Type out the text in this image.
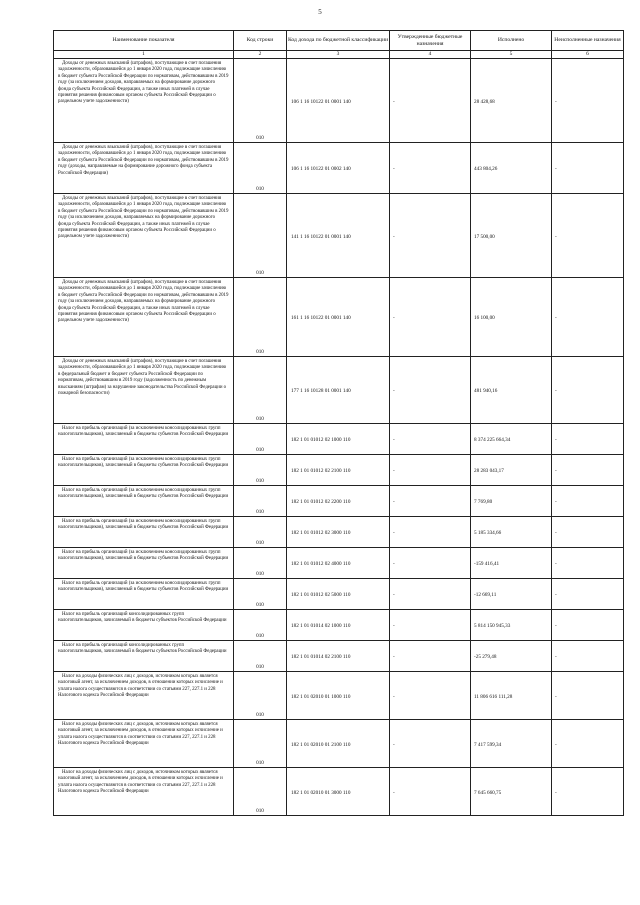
5
Наименование показателя	Код строки	Код дохода по бюджетной классификации	Утвержденные бюджетные назначения	Исполнено	Неисполненные назначения
1	2	3	4	5	6
Доходы от денежных взысканий (штрафов), поступающие в счет погашения задолженности, образовавшейся до 1 января 2020 года, подлежащие зачислению в бюджет субъекта Российской Федерации по нормативам, действовавшим в 2019 году (за исключением доходов, направляемых на формирование дорожного фонда субъекта Российской Федерации, а также иных платежей в случае принятия решения финансовым органом субъекта Российской Федерации о раздельном учете задолженности)	010	106 1 16 10122 01 0001 140	-	28 428,68	-
Доходы от денежных взысканий (штрафов), поступающие в счет погашения задолженности, образовавшейся до 1 января 2020 года, подлежащие зачислению в бюджет субъекта Российской Федерации по нормативам, действовавшим в 2019 году (доходы, направляемые на формирование дорожного фонда субъекта Российской Федерации)	010	106 1 16 10122 01 0002 140	-	443 804,26	-
Доходы от денежных взысканий (штрафов), поступающие в счет погашения задолженности, образовавшейся до 1 января 2020 года, подлежащие зачислению в бюджет субъекта Российской Федерации по нормативам, действовавшим в 2019 году (за исключением доходов, направляемых на формирование дорожного фонда субъекта Российской Федерации, а также иных платежей в случае принятия решения финансовым органом субъекта Российской Федерации о раздельном учете задолженности)	010	141 1 16 10122 01 0001 140	-	17 500,00	-
Доходы от денежных взысканий (штрафов), поступающие в счет погашения задолженности, образовавшейся до 1 января 2020 года, подлежащие зачислению в бюджет субъекта Российской Федерации по нормативам, действовавшим в 2019 году (за исключением доходов, направляемых на формирование дорожного фонда субъекта Российской Федерации, а также иных платежей в случае принятия решения финансовым органом субъекта Российской Федерации о раздельном учете задолженности)	010	161 1 16 10122 01 0001 140	-	16 100,00	-
Доходы от денежных взысканий (штрафов), поступающие в счет погашения задолженности, образовавшейся до 1 января 2020 года, подлежащие зачислению в федеральный бюджет и бюджет субъекта Российской Федерации по нормативам, действовавшим в 2019 году (задолженность по денежным взысканиям (штрафам) за нарушение законодательства Российской Федерации о пожарной безопасности)	010	177 1 16 10128 01 0001 140	-	481 940,16	-
Налог на прибыль организаций (за исключением консолидированных групп налогоплательщиков), зачисляемый в бюджеты субъектов Российской Федерации	010	182 1 01 01012 02 1000 110	-	8 374 225 664,34	-
Налог на прибыль организаций (за исключением консолидированных групп налогоплательщиков), зачисляемый в бюджеты субъектов Российской Федерации	010	182 1 01 01012 02 2100 110	-	28 283 043,17	-
Налог на прибыль организаций (за исключением консолидированных групп налогоплательщиков), зачисляемый в бюджеты субъектов Российской Федерации	010	182 1 01 01012 02 2200 110	-	7 769,80	-
Налог на прибыль организаций (за исключением консолидированных групп налогоплательщиков), зачисляемый в бюджеты субъектов Российской Федерации	010	182 1 01 01012 02 3000 110	-	5 185 334,66	-
Налог на прибыль организаций (за исключением консолидированных групп налогоплательщиков), зачисляемый в бюджеты субъектов Российской Федерации	010	182 1 01 01012 02 4000 110	-	-159 416,41	-
Налог на прибыль организаций (за исключением консолидированных групп налогоплательщиков), зачисляемый в бюджеты субъектов Российской Федерации	010	182 1 01 01012 02 5000 110	-	-12 669,11	-
Налог на прибыль организаций консолидированных групп налогоплательщиков, зачисляемый в бюджеты субъектов Российской Федерации	010	182 1 01 01014 02 1000 110	-	5 814 150 945,33	-
Налог на прибыль организаций консолидированных групп налогоплательщиков, зачисляемый в бюджеты субъектов Российской Федерации	010	182 1 01 01014 02 2100 110	-	-25 279,48	-
Налог на доходы физических лиц с доходов, источником которых является налоговый агент, за исключением доходов, в отношении которых исчисление и уплата налога осуществляются в соответствии со статьями 227, 227.1 и 228 Налогового кодекса Российской Федерации	010	182 1 01 02010 01 1000 110	-	11 806 616 111,28	-
Налог на доходы физических лиц с доходов, источником которых является налоговый агент, за исключением доходов, в отношении которых исчисление и уплата налога осуществляются в соответствии со статьями 227, 227.1 и 228 Налогового кодекса Российской Федерации	010	182 1 01 02010 01 2100 110	-	7 417 599,34	-
Налог на доходы физических лиц с доходов, источником которых является налоговый агент, за исключением доходов, в отношении которых исчисление и уплата налога осуществляются в соответствии со статьями 227, 227.1 и 228 Налогового кодекса Российской Федерации	010	182 1 01 02010 01 3000 110	-	7 645 660,75	-
